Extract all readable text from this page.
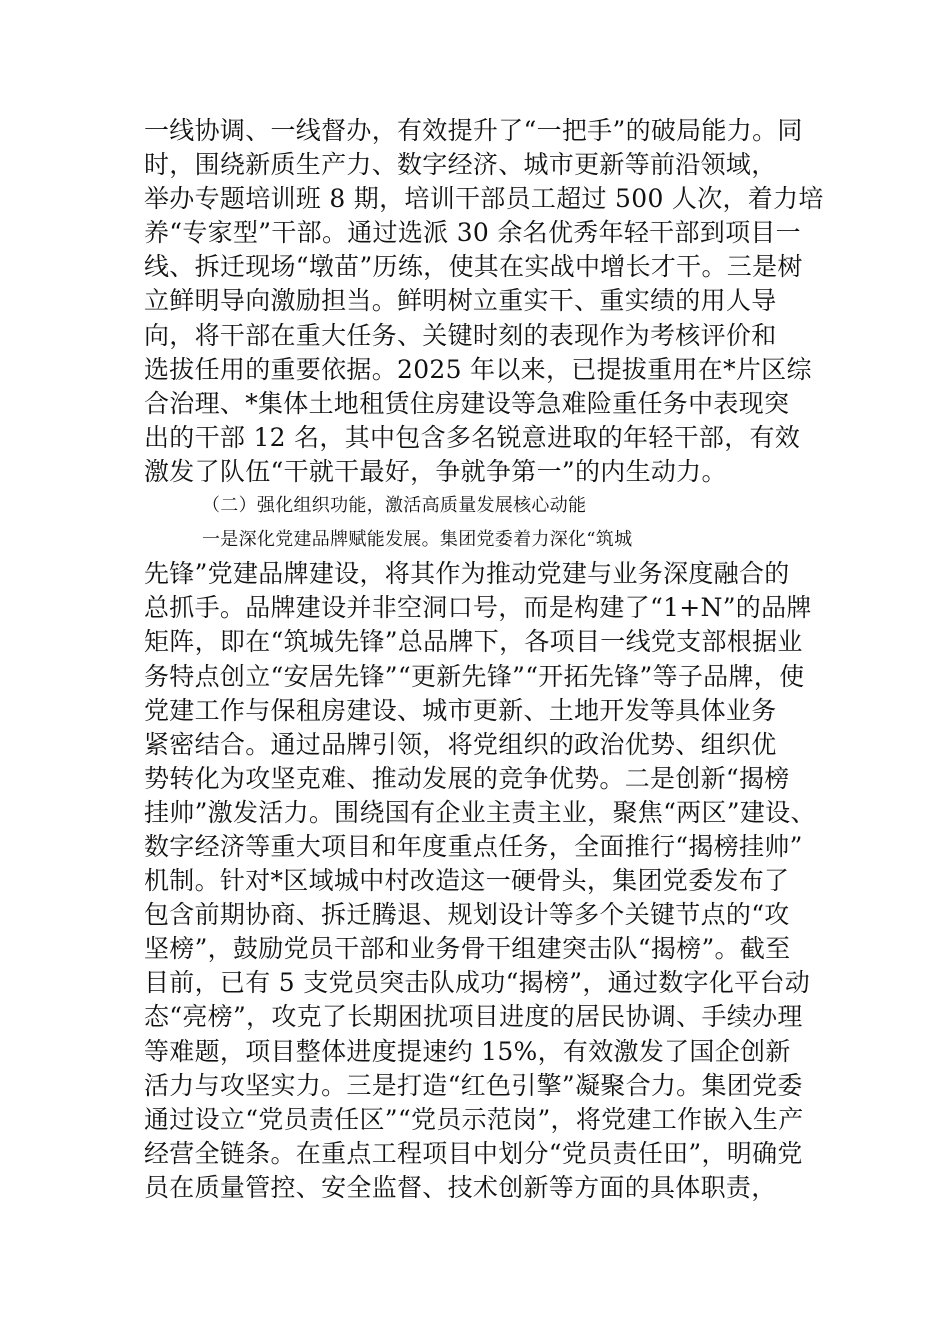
一线协调、一线督办，有效提升了“一把手”的破局能力。同
时，围绕新质生产力、数字经济、城市更新等前沿领域，
举办专题培训班 8 期，培训干部员工超过 500 人次，着力培
养“专家型”干部。通过选派 30 余名优秀年轻干部到项目一
线、拆迁现场“墩苗”历练，使其在实战中增长才干。三是树
立鲜明导向激励担当。鲜明树立重实干、重实绩的用人导
向，将干部在重大任务、关键时刻的表现作为考核评价和
选拔任用的重要依据。2025 年以来，已提拔重用在*片区综
合治理、*集体土地租赁住房建设等急难险重任务中表现突
出的干部 12 名，其中包含多名锐意进取的年轻干部，有效
激发了队伍“干就干最好，争就争第一”的内生动力。
（二）强化组织功能，激活高质量发展核心动能
一是深化党建品牌赋能发展。集团党委着力深化“筑城
先锋”党建品牌建设，将其作为推动党建与业务深度融合的
总抓手。品牌建设并非空洞口号，而是构建了“1+N”的品牌
矩阵，即在“筑城先锋”总品牌下，各项目一线党支部根据业
务特点创立“安居先锋”“更新先锋”“开拓先锋”等子品牌，使
党建工作与保租房建设、城市更新、土地开发等具体业务
紧密结合。通过品牌引领，将党组织的政治优势、组织优
势转化为攻坚克难、推动发展的竞争优势。二是创新“揭榜
挂帅”激发活力。围绕国有企业主责主业，聚焦“两区”建设、
数字经济等重大项目和年度重点任务，全面推行“揭榜挂帅”
机制。针对*区域城中村改造这一硬骨头，集团党委发布了
包含前期协商、拆迁腾退、规划设计等多个关键节点的“攻
坚榜”，鼓励党员干部和业务骨干组建突击队“揭榜”。截至
目前，已有 5 支党员突击队成功“揭榜”，通过数字化平台动
态“亮榜”，攻克了长期困扰项目进度的居民协调、手续办理
等难题，项目整体进度提速约 15%，有效激发了国企创新
活力与攻坚实力。三是打造“红色引擎”凝聚合力。集团党委
通过设立“党员责任区”“党员示范岗”，将党建工作嵌入生产
经营全链条。在重点工程项目中划分“党员责任田”，明确党
员在质量管控、安全监督、技术创新等方面的具体职责，
